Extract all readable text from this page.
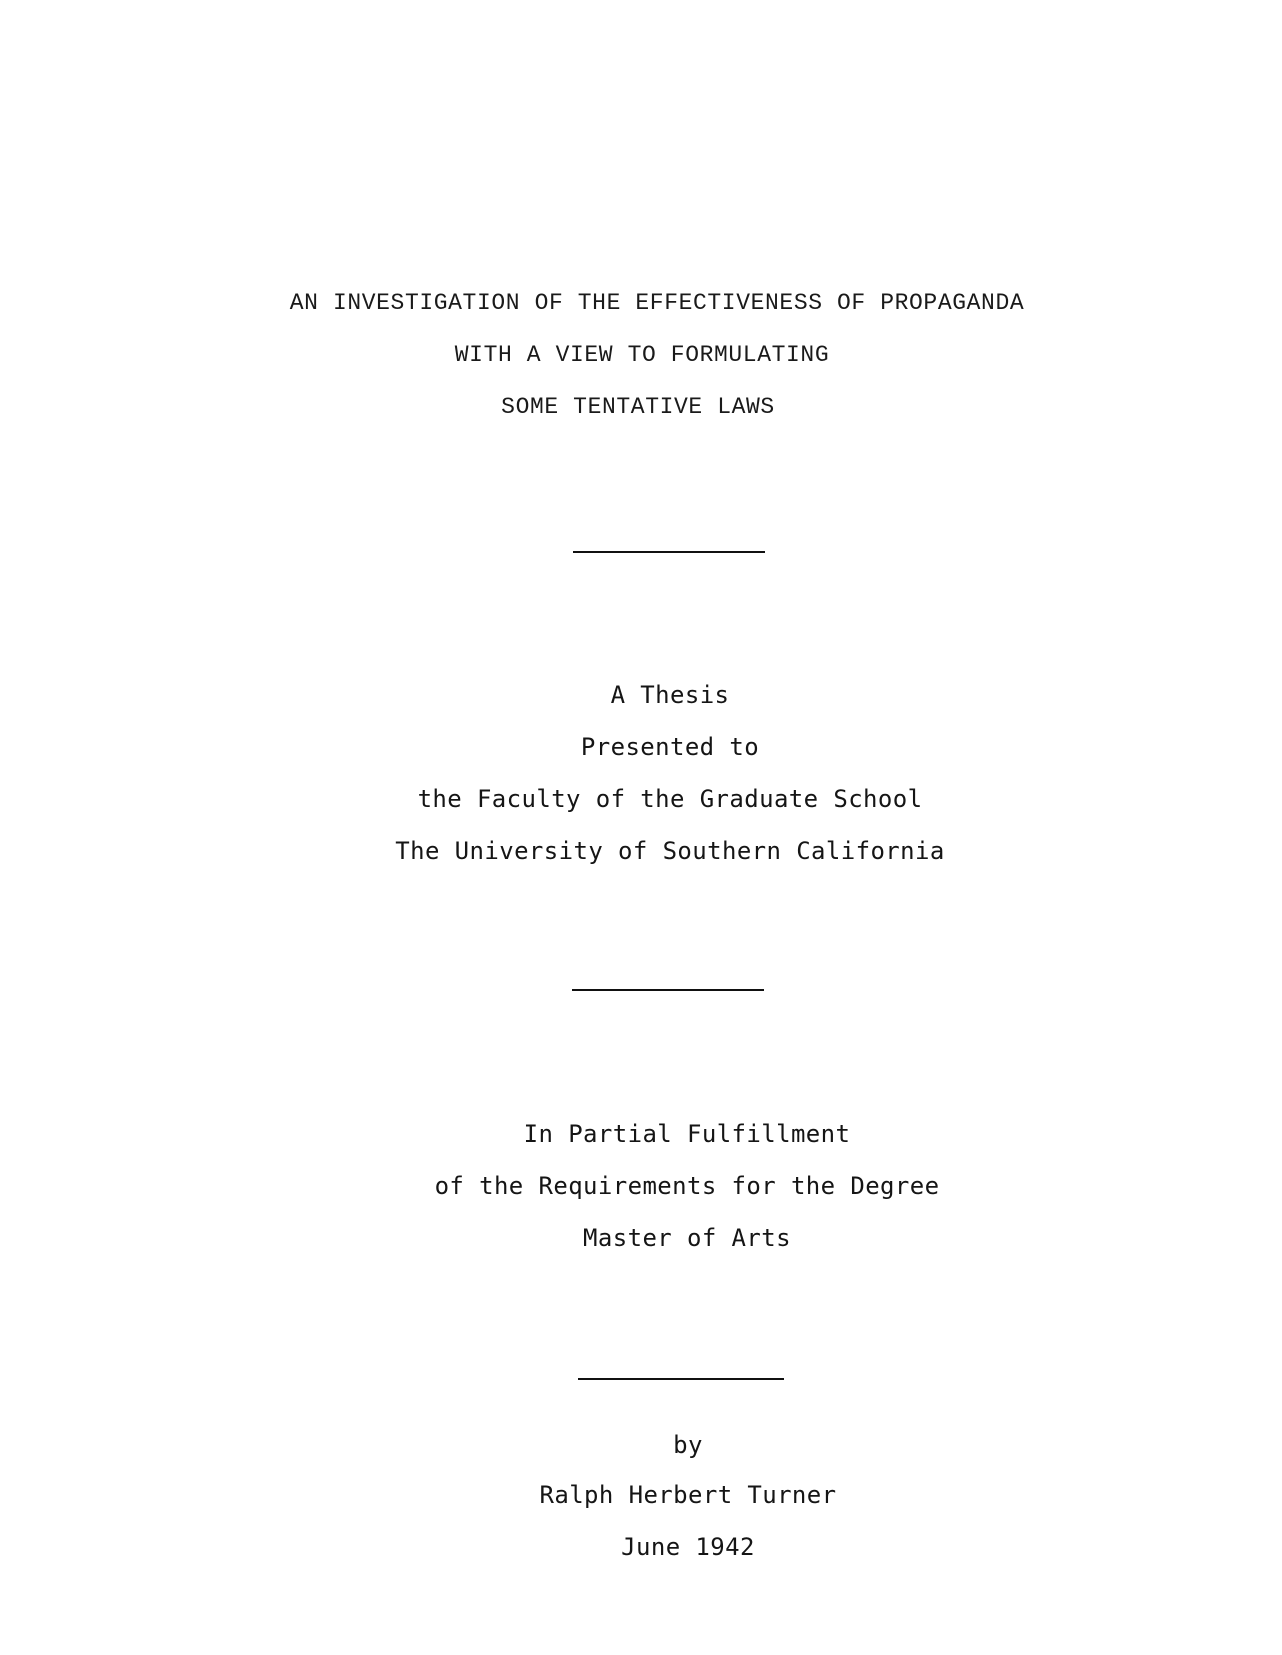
AN INVESTIGATION OF THE EFFECTIVENESS OF PROPAGANDA
WITH A VIEW TO FORMULATING
SOME TENTATIVE LAWS
A Thesis
Presented to
the Faculty of the Graduate School
The University of Southern California
In Partial Fulfillment
of the Requirements for the Degree
Master of Arts
by
Ralph Herbert Turner
June 1942
